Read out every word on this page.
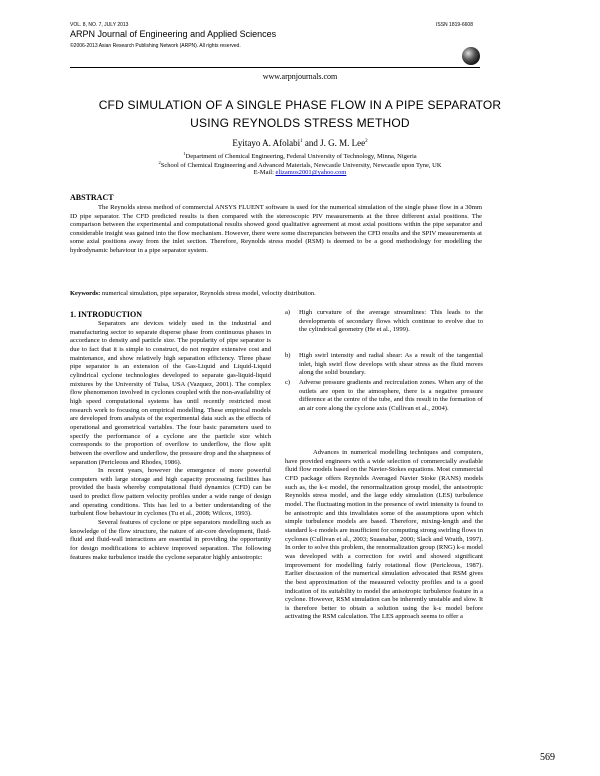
VOL. 8, NO. 7, JULY 2013	ISSN 1819-6608
ARPN Journal of Engineering and Applied Sciences
©2006-2013 Asian Research Publishing Network (ARPN). All rights reserved.
www.arpnjournals.com
CFD SIMULATION OF A SINGLE PHASE FLOW IN A PIPE SEPARATOR
USING REYNOLDS STRESS METHOD
Eyitayo A. Afolabi$^1$ and J. G. M. Lee$^2$
$^1$Department of Chemical Engineering, Federal University of Technology, Minna, Nigeria
$^2$School of Chemical Engineering and Advanced Materials, Newcastle University, Newcastle upon Tyne, UK
E-Mail: elizamos2001@yahoo.com
ABSTRACT
The Reynolds stress method of commercial ANSYS FLUENT software is used for the numerical simulation of the single phase flow in a 30mm ID pipe separator. The CFD predicted results is then compared with the stereoscopic PIV measurements at the three different axial positions. The comparison between the experimental and computational results showed good qualitative agreement at most axial positions within the pipe separator and considerable insight was gained into the flow mechanism. However, there were some discrepancies between the CFD results and the SPIV measurements at some axial positions away from the inlet section. Therefore, Reynolds stress model (RSM) is deemed to be a good methodology for modelling the hydrodynamic behaviour in a pipe separator system.
Keywords: numerical simulation, pipe separator, Reynolds stress model, velocity distribution.
1. INTRODUCTION
Separators are devices widely used in the industrial and manufacturing sector to separate disperse phase from continuous phases in accordance to density and particle size. The popularity of pipe separator is due to fact that it is simple to construct, do not require extensive cost and maintenance, and show relatively high separation efficiency. Three phase pipe separator is an extension of the Gas-Liquid and Liquid-Liquid cylindrical cyclone technologies developed to separate gas-liquid-liquid mixtures by the University of Tulsa, USA (Vazquez, 2001). The complex flow phenomenon involved in cyclones coupled with the non-availability of high speed computational systems has until recently restricted most research work to focusing on empirical modelling. These empirical models are developed from analysis of the experimental data such as the effects of operational and geometrical variables. The four basic parameters used to specify the performance of a cyclone are the particle size which corresponds to the proportion of overflow to underflow, the flow split between the overflow and underflow, the pressure drop and the sharpness of separation (Pericleous and Rhodes, 1986).
In recent years, however the emergence of more powerful computers with large storage and high capacity processing facilities has provided the basis whereby computational fluid dynamics (CFD) can be used to predict flow pattern velocity profiles under a wide range of design and operating conditions. This has led to a better understanding of the turbulent flow behaviour in cyclones (Tu et al., 2008; Wilcox, 1993).
Several features of cyclone or pipe separators modelling such as knowledge of the flow structure, the nature of air-core development, fluid- fluid and fluid-wall interactions are essential in providing the opportunity for design modifications to achieve improved separation. The following features make turbulence inside the cyclone separator highly anisotropic:
a) High curvature of the average streamlines: This leads to the developments of secondary flows which continue to evolve due to the cylindrical geometry (He et al., 1999).
b) High swirl intensity and radial shear: As a result of the tangential inlet, high swirl flow develops with shear stress as the fluid moves along the solid boundary.
c) Adverse pressure gradients and recirculation zones. When any of the outlets are open to the atmosphere, there is a negative pressure difference at the centre of the tube, and this result in the formation of an air core along the cyclone axis (Cullivan et al., 2004).
Advances in numerical modelling techniques and computers, have provided engineers with a wide selection of commercially available fluid flow models based on the Navier-Stokes equations. Most commercial CFD package offers Reynolds Averaged Navier Stoke (RANS) models such as, the k-ε model, the renormalization group model, the anisotropic Reynolds stress model, and the large eddy simulation (LES) turbulence model. The fluctuating motion in the presence of swirl intensity is found to be anisotropic and this invalidates some of the assumptions upon which simple turbulence models are based. Therefore, mixing-length and the standard k-ε models are insufficient for computing strong swirling flows in cyclones (Cullivan et al., 2003; Suasnabar, 2000; Slack and Wraith, 1997). In order to solve this problem, the renormalization group (RNG) k-ε model was developed with a correction for swirl and showed significant improvement for modelling fairly rotational flow (Pericleous, 1987). Earlier discussion of the numerical simulation advocated that RSM gives the best approximation of the measured velocity profiles and is a good indication of its suitability to model the anisotropic turbulence feature in a cyclone. However, RSM simulation can be inherently unstable and slow. It is therefore better to obtain a solution using the k-ε model before activating the RSM calculation. The LES approach seems to offer a
569
